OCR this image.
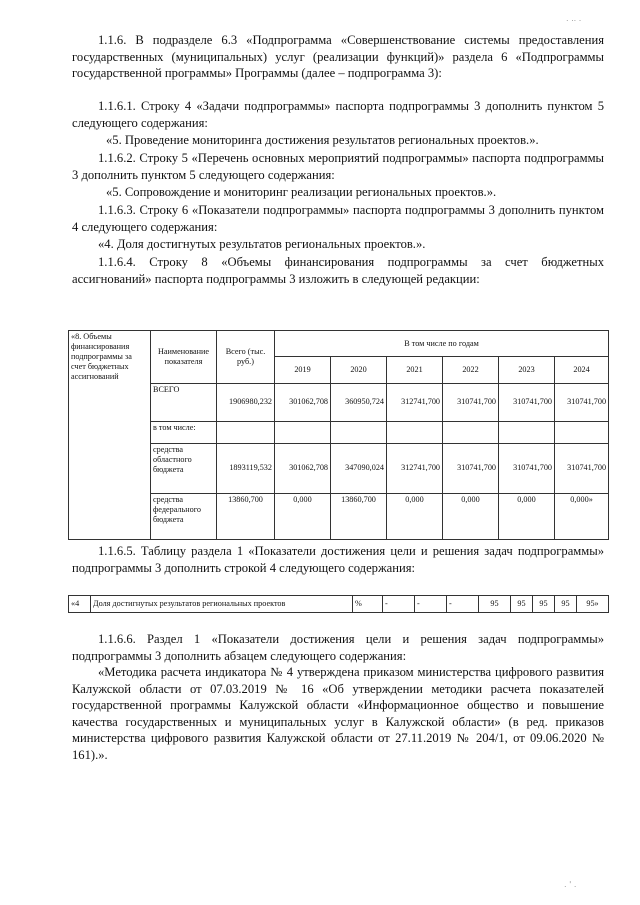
1.1.6. В подразделе 6.3 «Подпрограмма «Совершенствование системы предоставления государственных (муниципальных) услуг (реализации функций)» раздела 6 «Подпрограммы государственной программы» Программы (далее – подпрограмма 3):

1.1.6.1. Строку 4 «Задачи подпрограммы» паспорта подпрограммы 3 дополнить пунктом 5 следующего содержания:

«5. Проведение мониторинга достижения результатов региональных проектов.».

1.1.6.2. Строку 5 «Перечень основных мероприятий подпрограммы» паспорта подпрограммы 3 дополнить пунктом 5 следующего содержания:

«5. Сопровождение и мониторинг реализации региональных проектов.».

1.1.6.3. Строку 6 «Показатели подпрограммы» паспорта подпрограммы 3 дополнить пунктом 4 следующего содержания:

«4. Доля достигнутых результатов региональных проектов.».

1.1.6.4. Строку 8 «Объемы финансирования подпрограммы за счет бюджетных ассигнований» паспорта подпрограммы 3 изложить в следующей редакции:

«8. Объемы финансирования подпрограммы за счет бюджетных ассигнований	Наименование показателя	Всего (тыс. руб.)	В том числе по годам					
			2019	2020	2021	2022	2023	2024
	ВСЕГО	1906980,232	301062,708	360950,724	312741,700	310741,700	310741,700	310741,700
	в том числе:							
	средства областного бюджета	1893119,532	301062,708	347090,024	312741,700	310741,700	310741,700	310741,700
	средства федерального бюджета	13860,700	0,000	13860,700	0,000	0,000	0,000	0,000»

1.1.6.5. Таблицу раздела 1 «Показатели достижения цели и решения задач подпрограммы» подпрограммы 3 дополнить строкой 4 следующего содержания:

«4	Доля достигнутых результатов региональных проектов	%	-	-	-	95	95	95	95	95»

1.1.6.6. Раздел 1 «Показатели достижения цели и решения задач подпрограммы» подпрограммы 3 дополнить абзацем следующего содержания:

«Методика расчета индикатора № 4 утверждена приказом министерства цифрового развития Калужской области от 07.03.2019 № 16 «Об утверждении методики расчета показателей государственной программы Калужской области «Информационное общество и повышение качества государственных и муниципальных услуг в Калужской области» (в ред. приказов министерства цифрового развития Калужской области от 27.11.2019 № 204/1, от 09.06.2020 № 161).».

. .. .
. ' .
